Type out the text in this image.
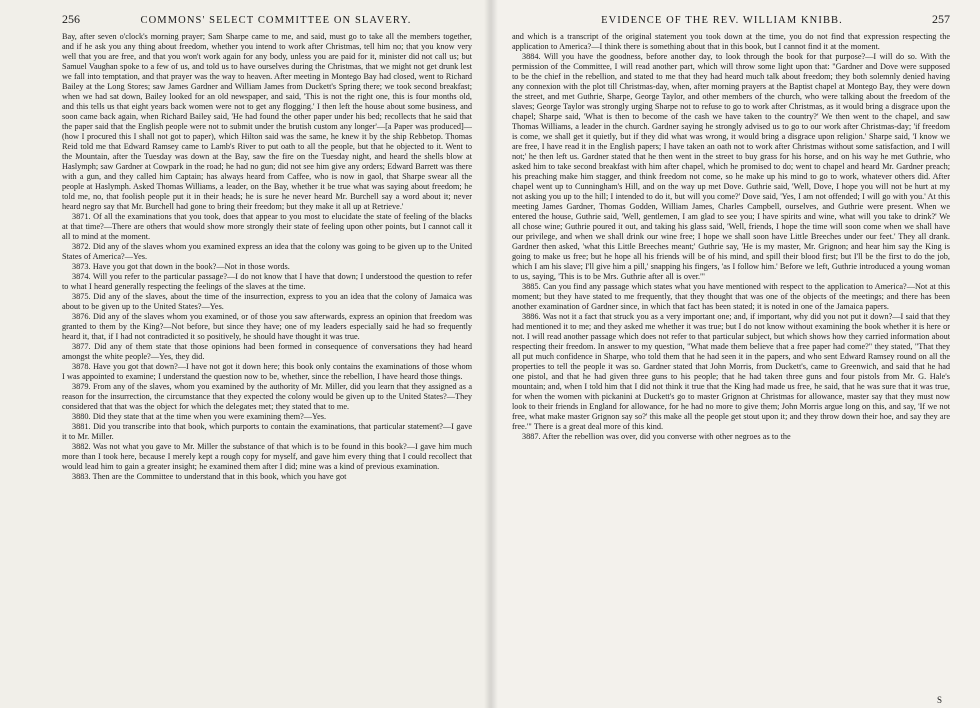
256	COMMONS' SELECT COMMITTEE ON SLAVERY.

Bay, after seven o'clock's morning prayer; Sam Sharpe came to me, and said, must go to take all the members together, and if he ask you any thing about freedom, whether you intend to work after Christmas, tell him no; that you know very well that you are free, and that you won't work again for any body, unless you are paid for it, minister did not call us; but Samuel Vaughan spoke to a few of us, and told us to have ourselves during the Christmas, that we might not get drunk lest we fall into temptation, and that prayer was the way to heaven. After meeting in Montego Bay had closed, went to Richard Bailey at the Long Stores; saw James Gardner and William James from Duckett's Spring there; we took second breakfast; when we had sat down, Bailey looked for an old newspaper, and said, 'This is not the right one, this is four months old, and this tells us that eight years back women were not to get any flogging.' I then left the house about some business, and soon came back again, when Richard Bailey said, 'He had found the other paper under his bed; recollects that he said that the paper said that the English people were not to submit under the brutish custom any longer'—[a Paper was produced]—(how I procured this I shall not got to paper), which Hilton said was the same, he knew it by the ship Rebbetop. Thomas Reid told me that Edward Ramsey came to Lamb's River to put oath to all the people, but that he objected to it. Went to the Mountain, after the Tuesday was down at the Bay, saw the fire on the Tuesday night, and heard the shells blow at Haslymph; saw Gardner at Cowpark in the road; he had no gun; did not see him give any orders; Edward Barrett was there with a gun, and they called him Captain; has always heard from Caffee, who is now in gaol, that Sharpe swear all the people at Haslymph. Asked Thomas Williams, a leader, on the Bay, whether it be true what was saying about freedom; he told me, no, that foolish people put it in their heads; he is sure he never heard Mr. Burchell say a word about it; never heard negro say that Mr. Burchell had gone to bring their freedom; but they make it all up at Retrieve.'

3871. Of all the examinations that you took, does that appear to you most to elucidate the state of feeling of the blacks at that time?—There are others that would show more strongly their state of feeling upon other points, but I cannot call it all to mind at the moment.

3872. Did any of the slaves whom you examined express an idea that the colony was going to be given up to the United States of America?—Yes.

3873. Have you got that down in the book?—Not in those words.

3874. Will you refer to the particular passage?—I do not know that I have that down; I understood the question to refer to what I heard generally respecting the feelings of the slaves at the time.

3875. Did any of the slaves, about the time of the insurrection, express to you an idea that the colony of Jamaica was about to be given up to the United States?—Yes.

3876. Did any of the slaves whom you examined, or of those you saw afterwards, express an opinion that freedom was granted to them by the King?—Not before, but since they have; one of my leaders especially said he had so frequently heard it, that, if I had not contradicted it so positively, he should have thought it was true.

3877. Did any of them state that those opinions had been formed in consequence of conversations they had heard amongst the white people?—Yes, they did.

3878. Have you got that down?—I have not got it down here; this book only contains the examinations of those whom I was appointed to examine; I understand the question now to be, whether, since the rebellion, I have heard those things.

3879. From any of the slaves, whom you examined by the authority of Mr. Miller, did you learn that they assigned as a reason for the insurrection, the circumstance that they expected the colony would be given up to the United States?—They considered that that was the object for which the delegates met; they stated that to me.

3880. Did they state that at the time when you were examining them?—Yes.

3881. Did you transcribe into that book, which purports to contain the examinations, that particular statement?—I gave it to Mr. Miller.

3882. Was not what you gave to Mr. Miller the substance of that which is to be found in this book?—I gave him much more than I took here, because I merely kept a rough copy for myself, and gave him every thing that I could recollect that would lead him to gain a greater insight; he examined them after I did; mine was a kind of previous examination.

3883. Then are the Committee to understand that in this book, which you have got

EVIDENCE OF THE REV. WILLIAM KNIBB.	257

and which is a transcript of the original statement you took down at the time, you do not find that expression respecting the application to America?—I think there is something about that in this book, but I cannot find it at the moment.

3884. Will you have the goodness, before another day, to look through the book for that purpose?—I will do so. With the permission of the Committee, I will read another part, which will throw some light upon that: "Gardner and Dove were supposed to be the chief in the rebellion, and stated to me that they had heard much talk about freedom; they both solemnly denied having any connexion with the plot till Christmas-day, when, after morning prayers at the Baptist chapel at Montego Bay, they were down the street, and met Guthrie, Sharpe, George Taylor, and other members of the church, who were talking about the freedom of the slaves; George Taylor was strongly urging Sharpe not to refuse to go to work after Christmas, as it would bring a disgrace upon the chapel; Sharpe said, 'What is then to become of the cash we have taken to the country?' We then went to the chapel, and saw Thomas Williams, a leader in the church. Gardner saying he strongly advised us to go to our work after Christmas-day; 'if freedom is come, we shall get it quietly, but if they did what was wrong, it would bring a disgrace upon religion.' Sharpe said, 'I know we are free, I have read it in the English papers; I have taken an oath not to work after Christmas without some satisfaction, and I will not;' he then left us. Gardner stated that he then went in the street to buy grass for his horse, and on his way he met Guthrie, who asked him to take second breakfast with him after chapel, which he promised to do; went to chapel and heard Mr. Gardner preach; his preaching make him stagger, and think freedom not come, so he make up his mind to go to work, whatever others did. After chapel went up to Cunningham's Hill, and on the way up met Dove. Guthrie said, 'Well, Dove, I hope you will not be hurt at my not asking you up to the hill; I intended to do it, but will you come?' Dove said, 'Yes, I am not offended; I will go with you.' At this meeting James Gardner, Thomas Godden, William James, Charles Campbell, ourselves, and Guthrie were present. When we entered the house, Guthrie said, 'Well, gentlemen, I am glad to see you; I have spirits and wine, what will you take to drink?' We all chose wine; Guthrie poured it out, and taking his glass said, 'Well, friends, I hope the time will soon come when we shall have our privilege, and when we shall drink our wine free; I hope we shall soon have Little Breeches under our feet.' They all drank. Gardner then asked, 'what this Little Breeches meant;' Guthrie say, 'He is my master, Mr. Grignon; and hear him say the King is going to make us free; but he hope all his friends will be of his mind, and spill their blood first; but I'll be the first to do the job, which I am his slave; I'll give him a pill,' snapping his fingers, 'as I follow him.' Before we left, Guthrie introduced a young woman to us, saying, 'This is to be Mrs. Guthrie after all is over.'"

3885. Can you find any passage which states what you have mentioned with respect to the application to America?—Not at this moment; but they have stated to me frequently, that they thought that was one of the objects of the meetings; and there has been another examination of Gardner since, in which that fact has been stated; it is noted in one of the Jamaica papers.

3886. Was not it a fact that struck you as a very important one; and, if important, why did you not put it down?—I said that they had mentioned it to me; and they asked me whether it was true; but I do not know without examining the book whether it is here or not. I will read another passage which does not refer to that particular subject, but which shows how they carried information about respecting their freedom. In answer to my question, "What made them believe that a free paper had come?" they stated, "That they all put much confidence in Sharpe, who told them that he had seen it in the papers, and who sent Edward Ramsey round on all the properties to tell the people it was so. Gardner stated that John Morris, from Duckett's, came to Greenwich, and said that he had one pistol, and that he had given three guns to his people; that he had taken three guns and four pistols from Mr. G. Hale's mountain; and, when I told him that I did not think it true that the King had made us free, he said, that he was sure that it was true, for when the women with pickanini at Duckett's go to master Grignon at Christmas for allowance, master say that they must now look to their friends in England for allowance, for he had no more to give them; John Morris argue long on this, and say, 'If we not free, what make master Grignon say so?' this make all the people get stout upon it; and they throw down their hoe, and say they are free.'" There is a great deal more of this kind.

3887. After the rebellion was over, did you converse with other negroes as to the

S
